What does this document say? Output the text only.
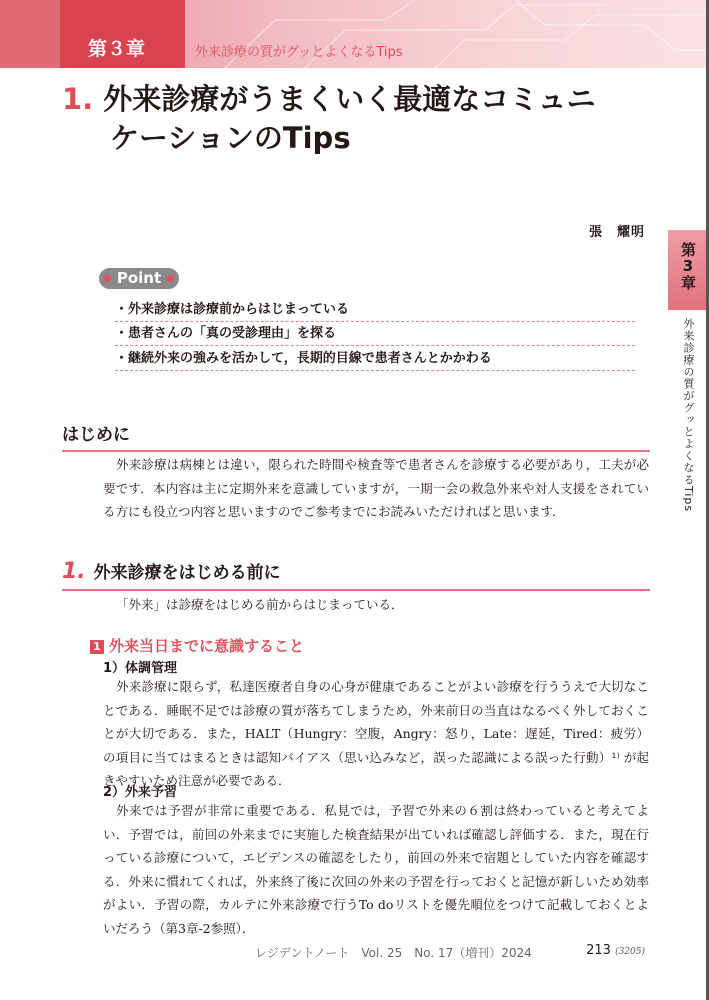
第３章	外来診療の質がグッとよくなるTips
1. 外来診療がうまくいく最適なコミュニ
ケーションのTips
張　耀明
第3章
外来診療の質がグッとよくなるTips
Point
・外来診療は診療前からはじまっている
・患者さんの「真の受診理由」を探る
・継続外来の強みを活かして，長期的目線で患者さんとかかわる
はじめに
外来診療は病棟とは違い，限られた時間や検査等で患者さんを診療する必要があり，工夫が必要です．本内容は主に定期外来を意識していますが，一期一会の救急外来や対人支援をされている方にも役立つ内容と思いますのでご参考までにお読みいただければと思います．
1. 外来診療をはじめる前に
「外来」は診療をはじめる前からはじまっている．
1 外来当日までに意識すること
1）体調管理
外来診療に限らず，私達医療者自身の心身が健康であることがよい診療を行ううえで大切なことである．睡眠不足では診療の質が落ちてしまうため，外来前日の当直はなるべく外しておくことが大切である．また，HALT（Hungry：空腹，Angry：怒り，Late：遅延，Tired：疲労）の項目に当てはまるときは認知バイアス（思い込みなど，誤った認識による誤った行動）¹⁾ が起きやすいため注意が必要である．
2）外来予習
外来では予習が非常に重要である．私見では，予習で外来の６割は終わっていると考えてよい．予習では，前回の外来までに実施した検査結果が出ていれば確認し評価する．また，現在行っている診療について，エビデンスの確認をしたり，前回の外来で宿題としていた内容を確認する．外来に慣れてくれば，外来終了後に次回の外来の予習を行っておくと記憶が新しいため効率がよい．予習の際，カルテに外来診療で行うTo doリストを優先順位をつけて記載しておくとよいだろう（第3章-2参照）．
レジデントノート　Vol. 25　No. 17（増刊）2024	213 (3205)
